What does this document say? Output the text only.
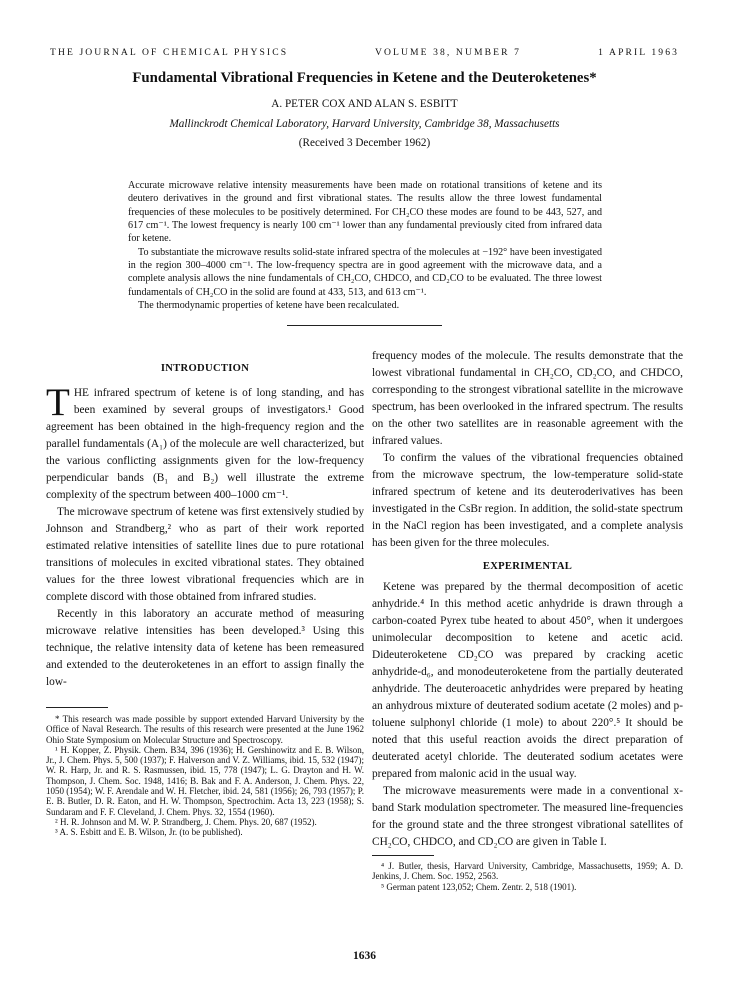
THE JOURNAL OF CHEMICAL PHYSICS	VOLUME 38, NUMBER 7	1 APRIL 1963
Fundamental Vibrational Frequencies in Ketene and the Deuteroketenes*
A. PETER COX AND ALAN S. ESBITT
Mallinckrodt Chemical Laboratory, Harvard University, Cambridge 38, Massachusetts
(Received 3 December 1962)

Accurate microwave relative intensity measurements have been made on rotational transitions of ketene and its deutero derivatives in the ground and first vibrational states. The results allow the three lowest fundamental frequencies of these molecules to be positively determined. For CH₂CO these modes are found to be 443, 527, and 617 cm⁻¹. The lowest frequency is nearly 100 cm⁻¹ lower than any fundamental previously cited from infrared data for ketene.

To substantiate the microwave results solid-state infrared spectra of the molecules at −192° have been investigated in the region 300–4000 cm⁻¹. The low-frequency spectra are in good agreement with the microwave data, and a complete analysis allows the nine fundamentals of CH₂CO, CHDCO, and CD₂CO to be evaluated. The three lowest fundamentals of CH₂CO in the solid are found at 433, 513, and 613 cm⁻¹.

The thermodynamic properties of ketene have been recalculated.

INTRODUCTION

THE infrared spectrum of ketene is of long standing, and has been examined by several groups of investigators.¹ Good agreement has been obtained in the high-frequency region and the parallel fundamentals (A₁) of the molecule are well characterized, but the various conflicting assignments given for the low-frequency perpendicular bands (B₁ and B₂) well illustrate the extreme complexity of the spectrum between 400–1000 cm⁻¹.

The microwave spectrum of ketene was first extensively studied by Johnson and Strandberg,² who as part of their work reported estimated relative intensities of satellite lines due to pure rotational transitions of molecules in excited vibrational states. They obtained values for the three lowest vibrational frequencies which are in complete discord with those obtained from infrared studies.

Recently in this laboratory an accurate method of measuring microwave relative intensities has been developed.³ Using this technique, the relative intensity data of ketene has been remeasured and extended to the deuteroketenes in an effort to assign finally the low-

* This research was made possible by support extended Harvard University by the Office of Naval Research. The results of this research were presented at the June 1962 Ohio State Symposium on Molecular Structure and Spectroscopy.

¹ H. Kopper, Z. Physik. Chem. B34, 396 (1936); H. Gershinowitz and E. B. Wilson, Jr., J. Chem. Phys. 5, 500 (1937); F. Halverson and V. Z. Williams, ibid. 15, 532 (1947); W. R. Harp, Jr. and R. S. Rasmussen, ibid. 15, 778 (1947); L. G. Drayton and H. W. Thompson, J. Chem. Soc. 1948, 1416; B. Bak and F. A. Anderson, J. Chem. Phys. 22, 1050 (1954); W. F. Arendale and W. H. Fletcher, ibid. 24, 581 (1956); 26, 793 (1957); P. E. B. Butler, D. R. Eaton, and H. W. Thompson, Spectrochim. Acta 13, 223 (1958); S. Sundaram and F. F. Cleveland, J. Chem. Phys. 32, 1554 (1960).

² H. R. Johnson and M. W. P. Strandberg, J. Chem. Phys. 20, 687 (1952).

³ A. S. Esbitt and E. B. Wilson, Jr. (to be published).

frequency modes of the molecule. The results demonstrate that the lowest vibrational fundamental in CH₂CO, CD₂CO, and CHDCO, corresponding to the strongest vibrational satellite in the microwave spectrum, has been overlooked in the infrared spectrum. The results on the other two satellites are in reasonable agreement with the infrared values.

To confirm the values of the vibrational frequencies obtained from the microwave spectrum, the low-temperature solid-state infrared spectrum of ketene and its deuteroderivatives has been investigated in the CsBr region. In addition, the solid-state spectrum in the NaCl region has been investigated, and a complete analysis has been given for the three molecules.

EXPERIMENTAL

Ketene was prepared by the thermal decomposition of acetic anhydride.⁴ In this method acetic anhydride is drawn through a carbon-coated Pyrex tube heated to about 450°, when it undergoes unimolecular decomposition to ketene and acetic acid. Dideuteroketene CD₂CO was prepared by cracking acetic anhydride-d₆, and monodeuteroketene from the partially deuterated anhydride. The deuteroacetic anhydrides were prepared by heating an anhydrous mixture of deuterated sodium acetate (2 moles) and p-toluene sulphonyl chloride (1 mole) to about 220°.⁵ It should be noted that this useful reaction avoids the direct preparation of deuterated acetyl chloride. The deuterated sodium acetates were prepared from malonic acid in the usual way.

The microwave measurements were made in a conventional x-band Stark modulation spectrometer. The measured line-frequencies for the ground state and the three strongest vibrational satellites of CH₂CO, CHDCO, and CD₂CO are given in Table I.

⁴ J. Butler, thesis, Harvard University, Cambridge, Massachusetts, 1959; A. D. Jenkins, J. Chem. Soc. 1952, 2563.

⁵ German patent 123,052; Chem. Zentr. 2, 518 (1901).

1636
